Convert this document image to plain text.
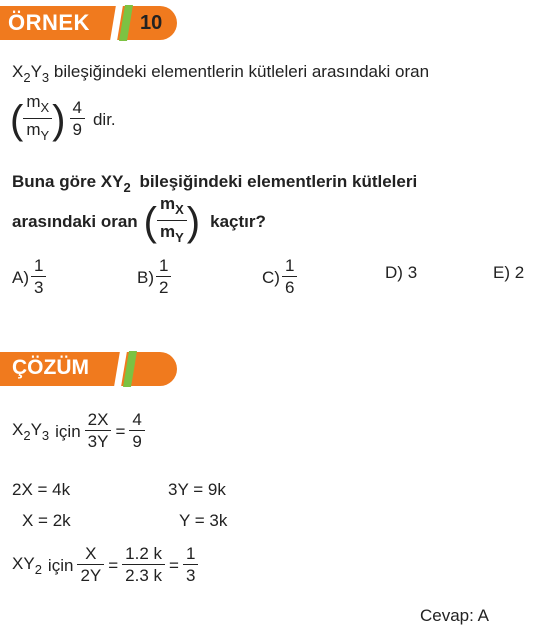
ÖRNEK	10
$X_2Y_3$ bileşiğindeki elementlerin kütleleri arasındaki oran
( $\frac{m_X}{m_Y}$ ) $\frac{4}{9}$ dir.
Buna göre $XY_2$ bileşiğindeki elementlerin kütleleri
arasındaki oran ( $\frac{m_X}{m_Y}$ ) kaçtır?
$A) \frac{1}{3}$	$B) \frac{1}{2}$	$C) \frac{1}{6}$	D) 3	E) 2
ÇÖZÜM
$X_2Y_3$ için $\frac{2X}{3Y} = \frac{4}{9}$
2X = 4k	3Y = 9k
X = 2k	Y = 3k
$XY_2$ için $\frac{X}{2Y} = \frac{1.2 k}{2.3 k} = \frac{1}{3}$
Cevap: A
